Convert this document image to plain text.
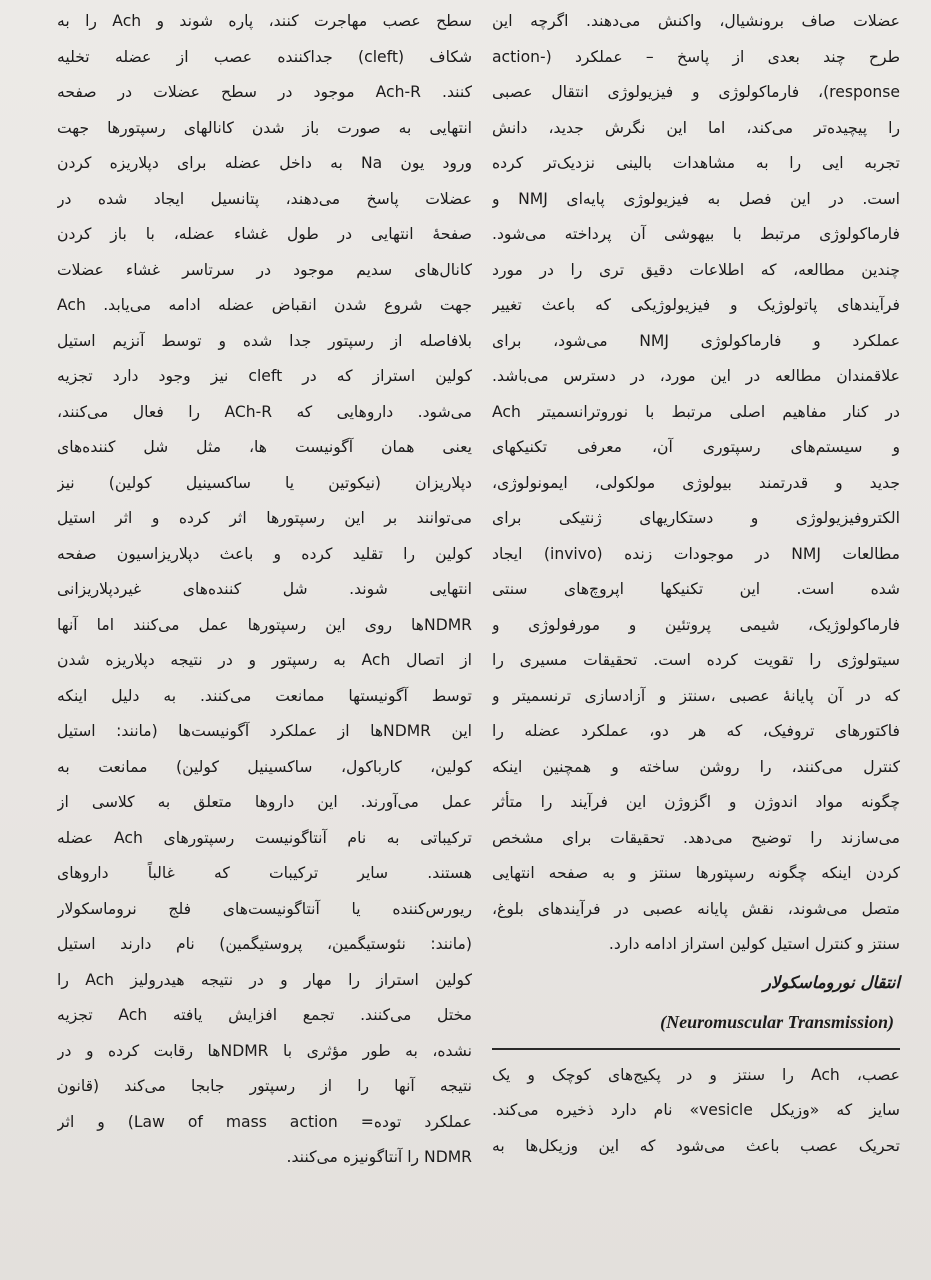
عضلات صاف برونشیال، واکنش می‌دهند. اگرچه این
طرح چند بعدی از پاسخ – عملکرد (-action
response)، فارماکولوژی و فیزیولوژی انتقال عصبی
را پیچیده‌تر می‌کند، اما این نگرش جدید، دانش
تجربه ایی را به مشاهدات بالینی نزدیک‌تر کرده
است. در این فصل به فیزیولوژی پایه‌ای NMJ و
فارماکولوژی مرتبط با بیهوشی آن پرداخته می‌شود.
چندین مطالعه، که اطلاعات دقیق تری را در مورد
فرآیندهای پاتولوژیک و فیزیولوژیکی که باعث تغییر
عملکرد و فارماکولوژی NMJ می‌شود، برای
علاقمندان مطالعه در این مورد، در دسترس می‌باشد.
در کنار مفاهیم اصلی مرتبط با نوروترانسمیتر Ach
و سیستم‌های رسپتوری آن، معرفی تکنیکهای
جدید و قدرتمند بیولوژی مولکولی، ایمونولوژی،
الکتروفیزیولوژی و دستکاریهای ژنتیکی برای
مطالعات NMJ در موجودات زنده (invivo) ایجاد
شده است. این تکنیکها اپروچ‌های سنتی
فارماکولوژیک، شیمی پروتئین و مورفولوژی و
سیتولوژی را تقویت کرده است. تحقیقات مسیری را
که در آن پایانهٔ عصبی ،سنتز و آزادسازی ترنسمیتر و
فاکتورهای تروفیک، که هر دو، عملکرد عضله را
کنترل می‌کنند، را روشن ساخته و همچنین اینکه
چگونه مواد اندوژن و اگزوژن این فرآیند را متأثر
می‌سازند را توضیح می‌دهد. تحقیقات برای مشخص
کردن اینکه چگونه رسپتورها سنتز و به صفحه انتهایی
متصل می‌شوند، نقش پایانه عصبی در فرآیندهای بلوغ،
سنتز و کنترل استیل کولین استراز ادامه دارد.
انتقال نوروماسکولار
(Neuromuscular Transmission)
عصب، Ach را سنتز و در پکیج‌های کوچک و یک
سایز که «وزیکل vesicle» نام دارد ذخیره می‌کند.
تحریک عصب باعث می‌شود که این وزیکل‌ها به
سطح عصب مهاجرت کنند، پاره شوند و Ach را به
شکاف (cleft) جداکننده عصب از عضله تخلیه
کنند. Ach-R موجود در سطح عضلات در صفحه
انتهایی به صورت باز شدن کانالهای رسپتورها جهت
ورود یون Na به داخل عضله برای دپلاریزه کردن
عضلات پاسخ می‌دهند، پتانسیل ایجاد شده در
صفحهٔ انتهایی در طول غشاء عضله، با باز کردن
کانال‌های سدیم موجود در سرتاسر غشاء عضلات
جهت شروع شدن انقباض عضله ادامه می‌یابد. Ach
بلافاصله از رسپتور جدا شده و توسط آنزیم استیل
کولین استراز که در cleft نیز وجود دارد تجزیه
می‌شود. داروهایی که ACh-R را فعال می‌کنند،
یعنی همان آگونیست ها، مثل شل کننده‌های
دپلاریزان (نیکوتین یا ساکسینیل کولین) نیز
می‌توانند بر این رسپتورها اثر کرده و اثر استیل
کولین را تقلید کرده و باعث دپلاریزاسیون صفحه
انتهایی شوند. شل کننده‌های غیردپلاریزانی
NDMRها روی این رسپتورها عمل می‌کنند اما آنها
از اتصال Ach به رسپتور و در نتیجه دپلاریزه شدن
توسط آگونیستها ممانعت می‌کنند. به دلیل اینکه
این NDMRها از عملکرد آگونیست‌ها (مانند: استیل
کولین، کارباکول، ساکسینیل کولین) ممانعت به
عمل می‌آورند. این داروها متعلق به کلاسی از
ترکیباتی به نام آنتاگونیست رسپتورهای Ach عضله
هستند. سایر ترکیبات که غالباً داروهای
ریورس‌کننده یا آنتاگونیست‌های فلج نروماسکولار
(مانند: نئوستیگمین، پروستیگمین) نام دارند استیل
کولین استراز را مهار و در نتیجه هیدرولیز Ach را
مختل می‌کنند. تجمع افزایش یافته Ach تجزیه
نشده، به طور مؤثری با NDMRها رقابت کرده و در
نتیجه آنها را از رسپتور جابجا می‌کند (قانون
عملکرد توده= Law of mass action) و اثر
NDMR را آنتاگونیزه می‌کنند.
